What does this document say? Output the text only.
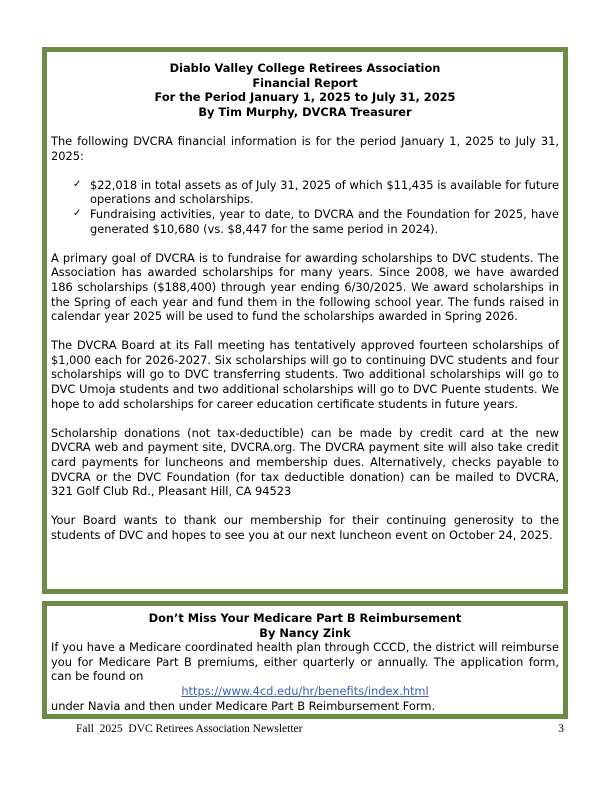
Diablo Valley College Retirees Association
Financial Report
For the Period January 1, 2025 to July 31, 2025
By Tim Murphy, DVCRA Treasurer

The following DVCRA financial information is for the period January 1, 2025 to July 31, 2025:

✓ $22,018 in total assets as of July 31, 2025 of which $11,435 is available for future operations and scholarships.
✓ Fundraising activities, year to date, to DVCRA and the Foundation for 2025, have generated $10,680 (vs. $8,447 for the same period in 2024).

A primary goal of DVCRA is to fundraise for awarding scholarships to DVC students. The Association has awarded scholarships for many years. Since 2008, we have awarded 186 scholarships ($188,400) through year ending 6/30/2025. We award scholarships in the Spring of each year and fund them in the following school year. The funds raised in calendar year 2025 will be used to fund the scholarships awarded in Spring 2026.

The DVCRA Board at its Fall meeting has tentatively approved fourteen scholarships of $1,000 each for 2026-2027. Six scholarships will go to continuing DVC students and four scholarships will go to DVC transferring students. Two additional scholarships will go to DVC Umoja students and two additional scholarships will go to DVC Puente students. We hope to add scholarships for career education certificate students in future years.

Scholarship donations (not tax-deductible) can be made by credit card at the new DVCRA web and payment site, DVCRA.org. The DVCRA payment site will also take credit card payments for luncheons and membership dues. Alternatively, checks payable to DVCRA or the DVC Foundation (for tax deductible donation) can be mailed to DVCRA, 321 Golf Club Rd., Pleasant Hill, CA 94523

Your Board wants to thank our membership for their continuing generosity to the students of DVC and hopes to see you at our next luncheon event on October 24, 2025.

Don’t Miss Your Medicare Part B Reimbursement
By Nancy Zink

If you have a Medicare coordinated health plan through CCCD, the district will reimburse you for Medicare Part B premiums, either quarterly or annually. The application form, can be found on

https://www.4cd.edu/hr/benefits/index.html

under Navia and then under Medicare Part B Reimbursement Form.

Fall  2025  DVC Retirees Association Newsletter	3
